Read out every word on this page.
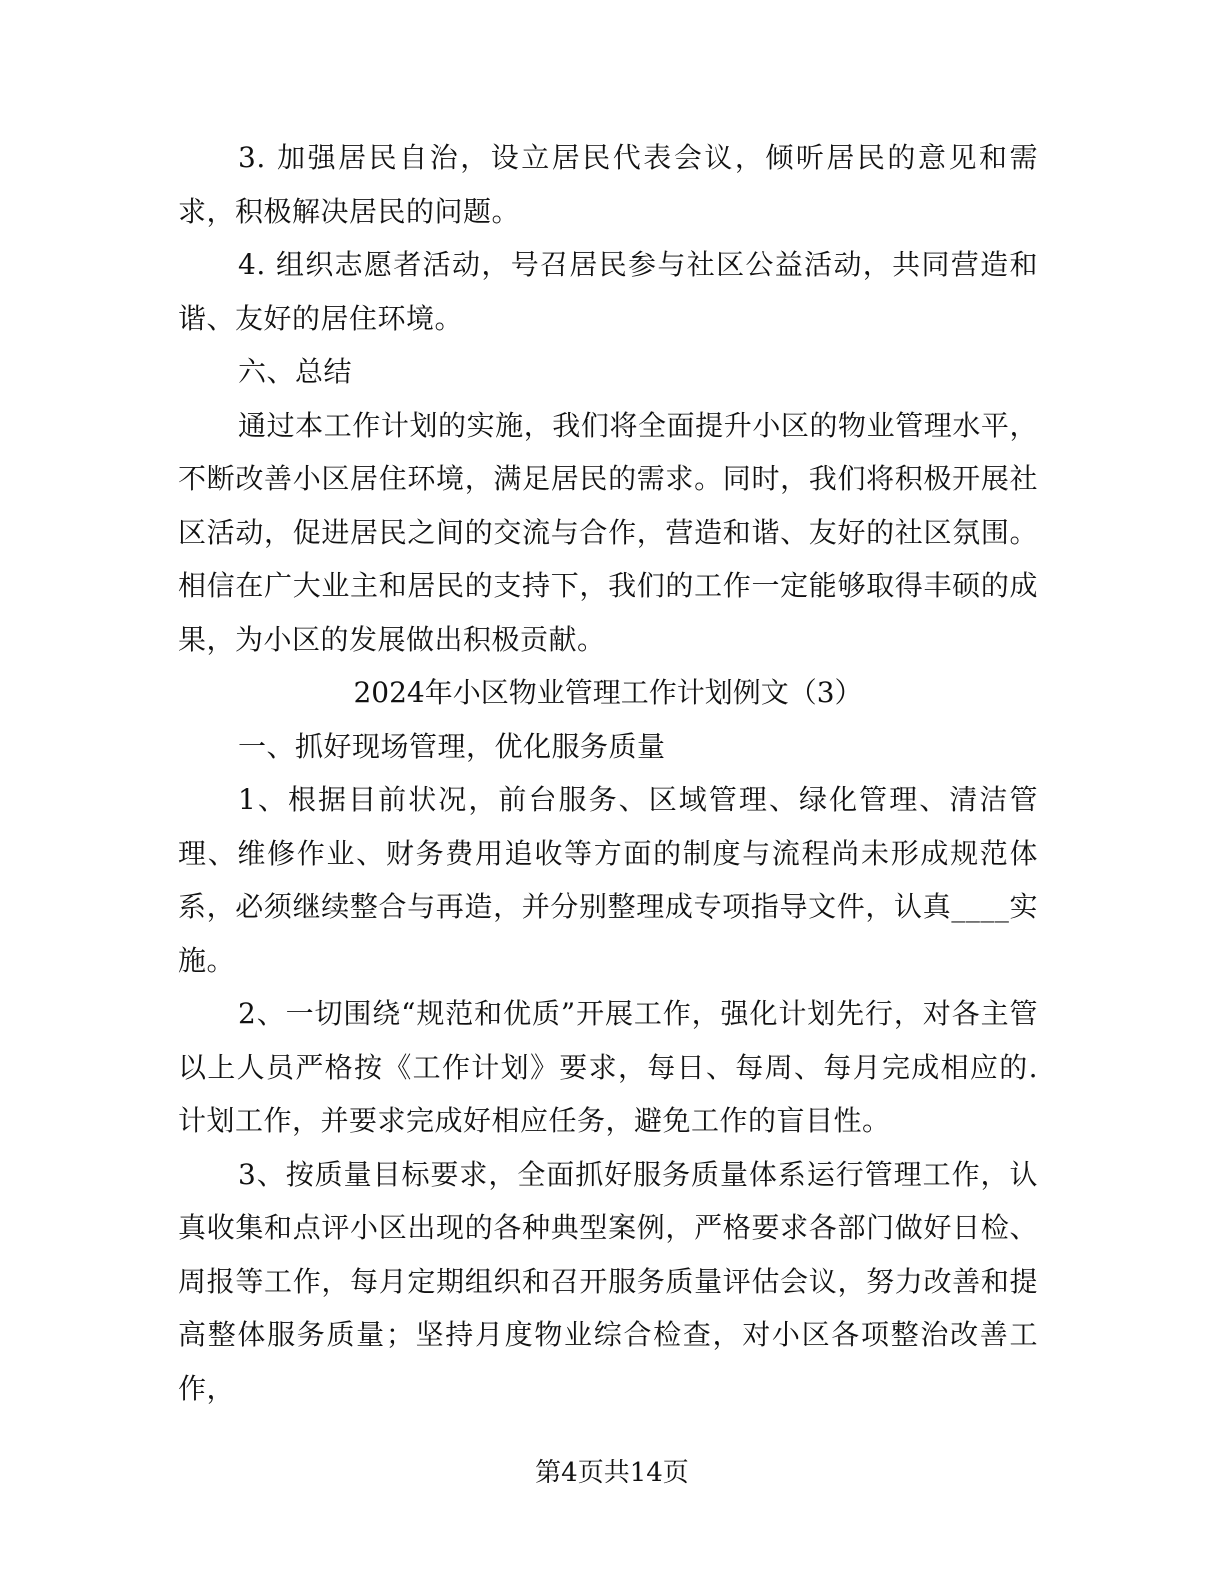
3. 加强居民自治，设立居民代表会议，倾听居民的意见和需求，积极解决居民的问题。

4. 组织志愿者活动，号召居民参与社区公益活动，共同营造和谐、友好的居住环境。

六、总结

通过本工作计划的实施，我们将全面提升小区的物业管理水平，不断改善小区居住环境，满足居民的需求。同时，我们将积极开展社区活动，促进居民之间的交流与合作，营造和谐、友好的社区氛围。相信在广大业主和居民的支持下，我们的工作一定能够取得丰硕的成果，为小区的发展做出积极贡献。

2024年小区物业管理工作计划例文（3）

一、抓好现场管理，优化服务质量

1、根据目前状况，前台服务、区域管理、绿化管理、清洁管理、维修作业、财务费用追收等方面的制度与流程尚未形成规范体系，必须继续整合与再造，并分别整理成专项指导文件，认真____实施。

2、一切围绕“规范和优质”开展工作，强化计划先行，对各主管以上人员严格按《工作计划》要求，每日、每周、每月完成相应的.计划工作，并要求完成好相应任务，避免工作的盲目性。

3、按质量目标要求，全面抓好服务质量体系运行管理工作，认真收集和点评小区出现的各种典型案例，严格要求各部门做好日检、周报等工作，每月定期组织和召开服务质量评估会议，努力改善和提高整体服务质量；坚持月度物业综合检查，对小区各项整治改善工作，

第4页共14页
